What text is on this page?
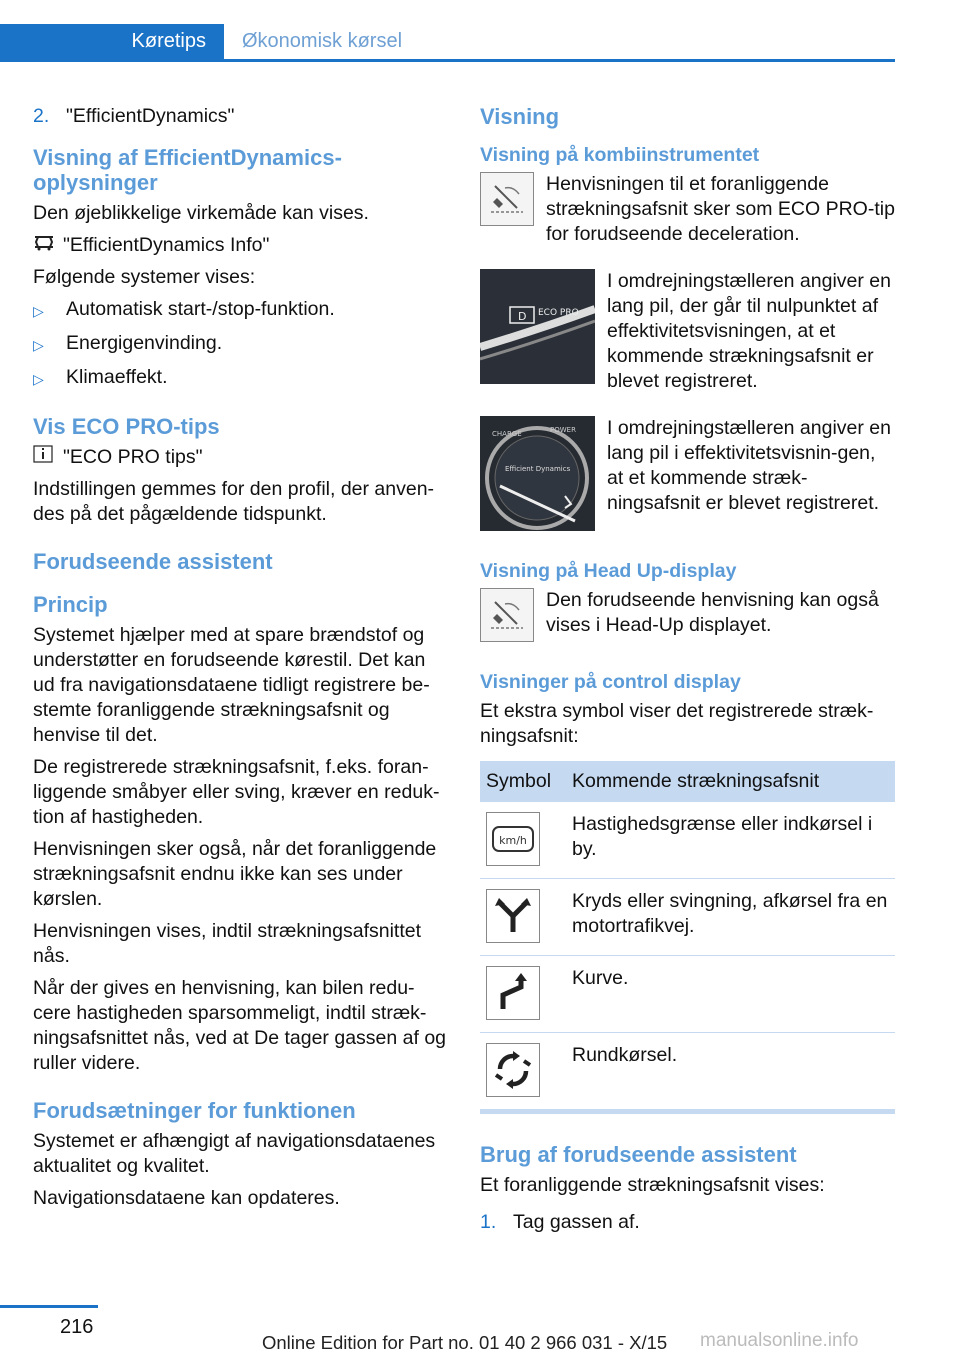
Køretips	Økonomisk kørsel
2. "EfficientDynamics"
Visning af EfficientDynamics-oplysninger

Den øjeblikkelige virkemåde kan vises.

"EfficientDynamics Info"

Følgende systemer vises:

▷	Automatisk start-/stop-funktion.
▷	Energigenvinding.
▷	Klimaeffekt.
Vis ECO PRO-tips
"ECO PRO tips"

Indstillingen gemmes for den profil, der anven-des på det pågældende tidspunkt.

Forudseende assistent
Princip

Systemet hjælper med at spare brændstof og understøtter en forudseende kørestil. Det kan ud fra navigationsdataene tidligt registrere be-stemte foranliggende strækningsafsnit og henvise til det.

De registrerede strækningsafsnit, f.eks. foran-liggende småbyer eller sving, kræver en reduk-tion af hastigheden.

Henvisningen sker også, når det foranliggende strækningsafsnit endnu ikke kan ses under kørslen.

Henvisningen vises, indtil strækningsafsnittet nås.

Når der gives en henvisning, kan bilen redu-cere hastigheden sparsommeligt, indtil stræk-ningsafsnittet nås, ved at De tager gassen af og ruller videre.

Forudsætninger for funktionen

Systemet er afhængigt af navigationsdataenes aktualitet og kvalitet.

Navigationsdataene kan opdateres.

Visning
Visning på kombiinstrumentet
Henvisningen til et foranliggende strækningsafsnit sker som ECO PRO-tip for forudseende deceleration.
D ECO PRO
I omdrejningstælleren angiver en lang pil, der går til nulpunktet af effektivitetsvisningen, at et kommende strækningsafsnit er blevet registreret.
CHARGE	POWER
Efficient Dynamics
I omdrejningstælleren angiver en lang pil i effektivitetsvisnin-gen, at et kommende stræk-ningsafsnit er blevet registreret.
Visning på Head Up-display
Den forudseende henvisning kan også vises i Head-Up displayet.
Visninger på control display

Et ekstra symbol viser det registrerede stræk-ningsafsnit:

Symbol	Kommende strækningsafsnit

km/h	Hastighedsgrænse eller indkørsel i by.

	Kryds eller svingning, afkørsel fra en motortrafikvej.

	Kurve.

	Rundkørsel.
Brug af forudseende assistent

Et foranliggende strækningsafsnit vises:

1. Tag gassen af.
216
Online Edition for Part no. 01 40 2 966 031 - X/15 manualsonline.info
